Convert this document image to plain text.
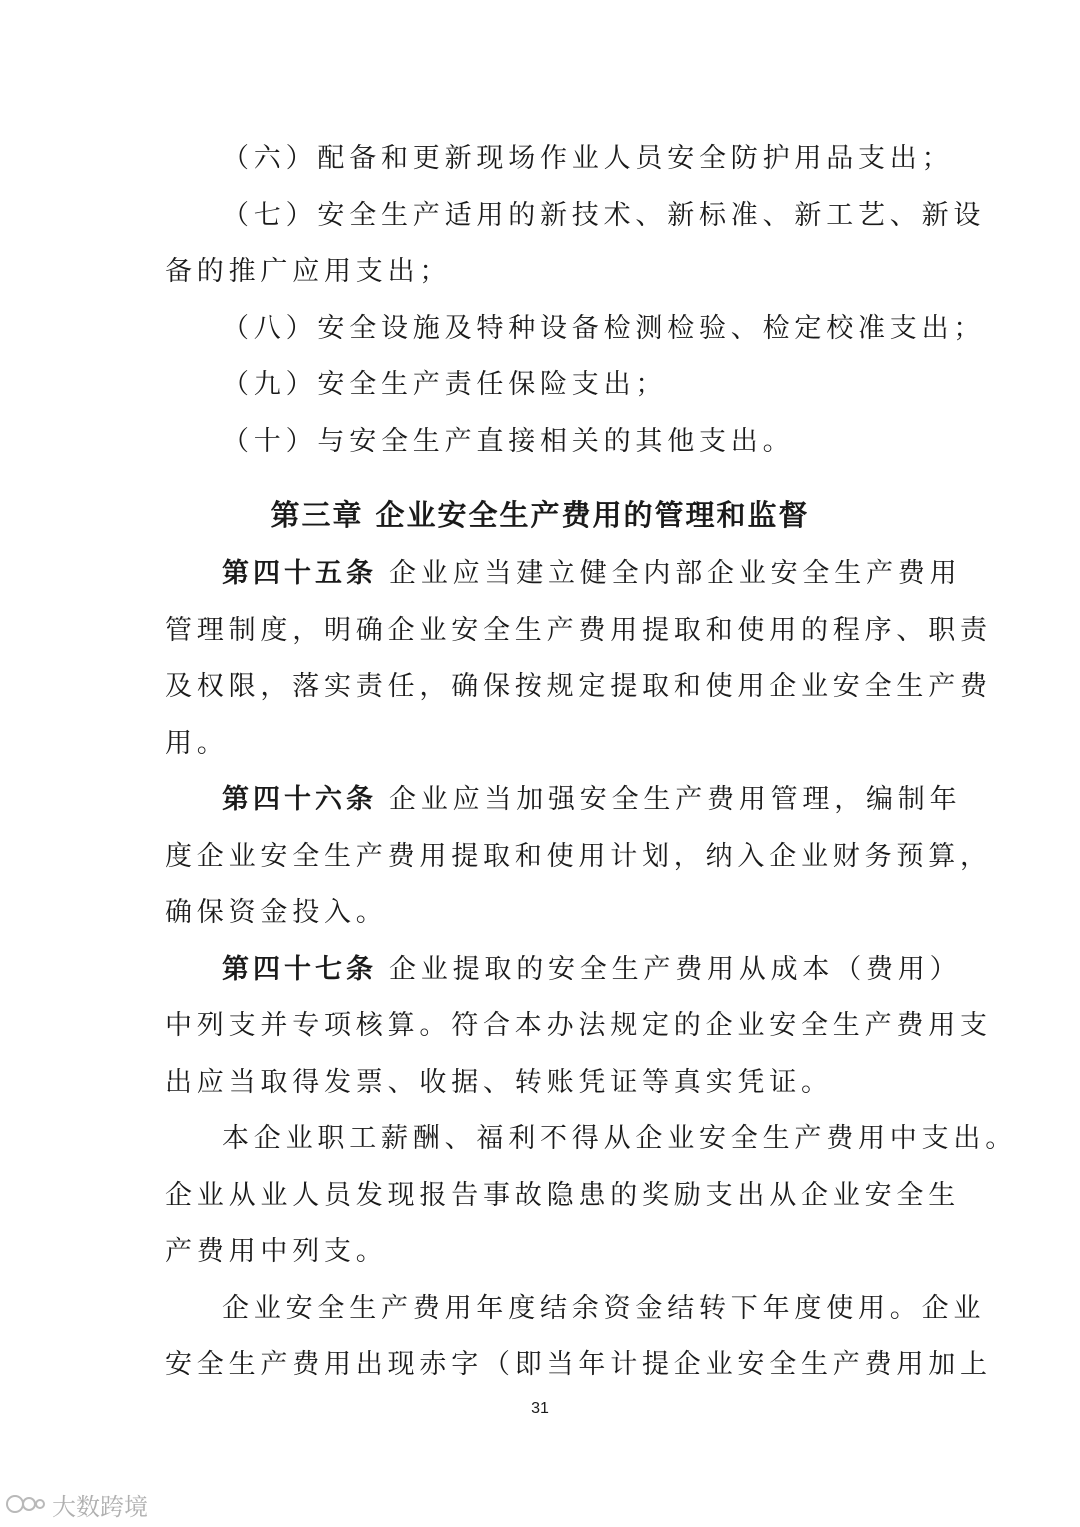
（六）配备和更新现场作业人员安全防护用品支出；
（七）安全生产适用的新技术、新标准、新工艺、新设
备的推广应用支出；
（八）安全设施及特种设备检测检验、检定校准支出；
（九）安全生产责任保险支出；
（十）与安全生产直接相关的其他支出。
第三章 企业安全生产费用的管理和监督
第四十五条 企业应当建立健全内部企业安全生产费用
管理制度，明确企业安全生产费用提取和使用的程序、职责
及权限，落实责任，确保按规定提取和使用企业安全生产费
用。
第四十六条 企业应当加强安全生产费用管理，编制年
度企业安全生产费用提取和使用计划，纳入企业财务预算，
确保资金投入。
第四十七条 企业提取的安全生产费用从成本（费用）
中列支并专项核算。符合本办法规定的企业安全生产费用支
出应当取得发票、收据、转账凭证等真实凭证。
本企业职工薪酬、福利不得从企业安全生产费用中支出。
企业从业人员发现报告事故隐患的奖励支出从企业安全生
产费用中列支。
企业安全生产费用年度结余资金结转下年度使用。企业
安全生产费用出现赤字（即当年计提企业安全生产费用加上
31
大数跨境
